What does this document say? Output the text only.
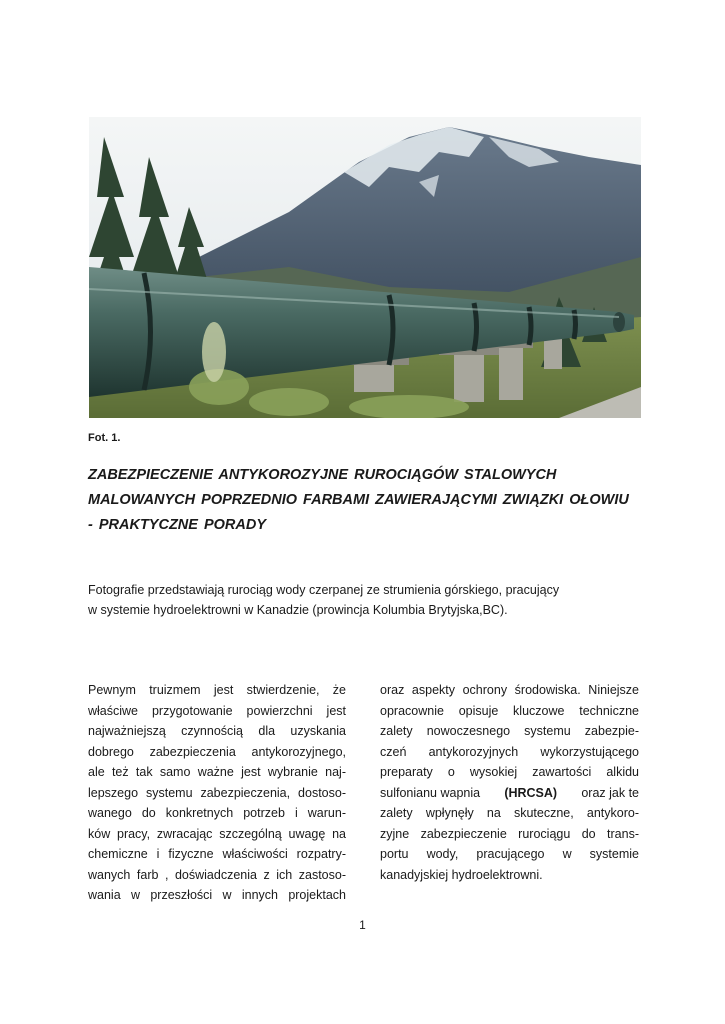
Fot. 1.

ZABEZPIECZENIE ANTYKOROZYJNE RUROCIĄGÓW STALOWYCH
MALOWANYCH POPRZEDNIO FARBAMI ZAWIERAJĄCYMI ZWIĄZKI OŁOWIU
- PRAKTYCZNE PORADY

Fotografie przedstawiają rurociąg wody czerpanej ze strumienia górskiego, pracujący
w systemie hydroelektrowni w Kanadzie (prowincja Kolumbia Brytyjska,BC).

Pewnym truizmem jest stwierdzenie, że
właściwe przygotowanie powierzchni jest
najważniejszą czynnością dla uzyskania
dobrego zabezpieczenia antykorozyjnego,
ale też tak samo ważne jest wybranie naj-
lepszego systemu zabezpieczenia, dostoso-
wanego do konkretnych potrzeb i warun-
ków pracy, zwracając szczególną uwagę na
chemiczne i fizyczne właściwości rozpatry-
wanych farb , doświadczenia z ich zastoso-
wania w przeszłości w innych projektach

oraz aspekty ochrony środowiska. Niniejsze
opracownie opisuje kluczowe techniczne
zalety nowoczesnego systemu zabezpie-
czeń antykorozyjnych wykorzystującego
preparaty o wysokiej zawartości alkidu
sulfonianu wapnia (HRCSA) oraz jak te
zalety wpłynęły na skuteczne, antykoro-
zyjne zabezpieczenie rurociągu do trans-
portu wody, pracującego w systemie
kanadyjskiej hydroelektrowni.

1
